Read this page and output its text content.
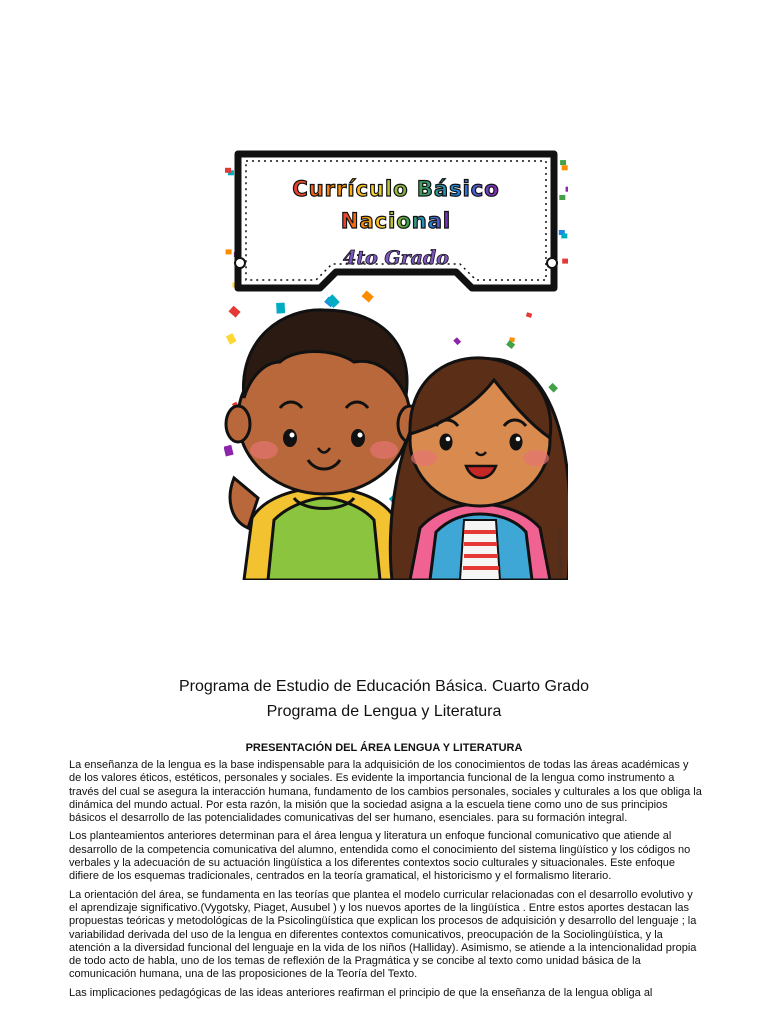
Currículo Básico
Nacional
4to Grado
©ideas_Cursour

Programa de Estudio de Educación Básica. Cuarto Grado

Programa de Lengua y Literatura

PRESENTACIÓN DEL ÁREA LENGUA Y LITERATURA

La enseñanza de la lengua es la base indispensable para la adquisición de los conocimientos de todas las áreas académicas y de los valores éticos, estéticos, personales y sociales. Es evidente la importancia funcional de la lengua como instrumento a través del cual se asegura la interacción humana, fundamento de los cambios personales, sociales y culturales a los que obliga la dinámica del mundo actual. Por esta razón, la misión que la sociedad asigna a la escuela tiene como uno de sus principios básicos el desarrollo de las potencialidades comunicativas del ser humano, esenciales. para su formación integral.

Los planteamientos anteriores determinan para el área lengua y literatura un enfoque funcional comunicativo que atiende al desarrollo de la competencia comunicativa del alumno, entendida como el conocimiento del sistema lingüístico y los códigos no verbales y la adecuación de su actuación lingüística a los diferentes contextos socio culturales y situacionales. Este enfoque difiere de los esquemas tradicionales, centrados en la teoría gramatical, el historicismo y el formalismo literario.

La orientación del área, se fundamenta en las teorías que plantea el modelo curricular relacionadas con el desarrollo evolutivo y el aprendizaje significativo.(Vygotsky, Piaget, Ausubel ) y los nuevos aportes de la lingüística . Entre estos aportes destacan las propuestas teóricas y metodológicas de la Psicolingüística que explican los procesos de adquisición y desarrollo del lenguaje ; la variabilidad derivada del uso de la lengua en diferentes contextos comunicativos, preocupación de la Sociolingüística, y la atención a la diversidad funcional del lenguaje en la vida de los niños (Halliday). Asimismo, se atiende a la intencionalidad propia de todo acto de habla, uno de los temas de reflexión de la Pragmática y se concibe al texto como unidad básica de la comunicación humana, una de las proposiciones de la Teoría del Texto.

Las implicaciones pedagógicas de las ideas anteriores reafirman el principio de que la enseñanza de la lengua obliga al
